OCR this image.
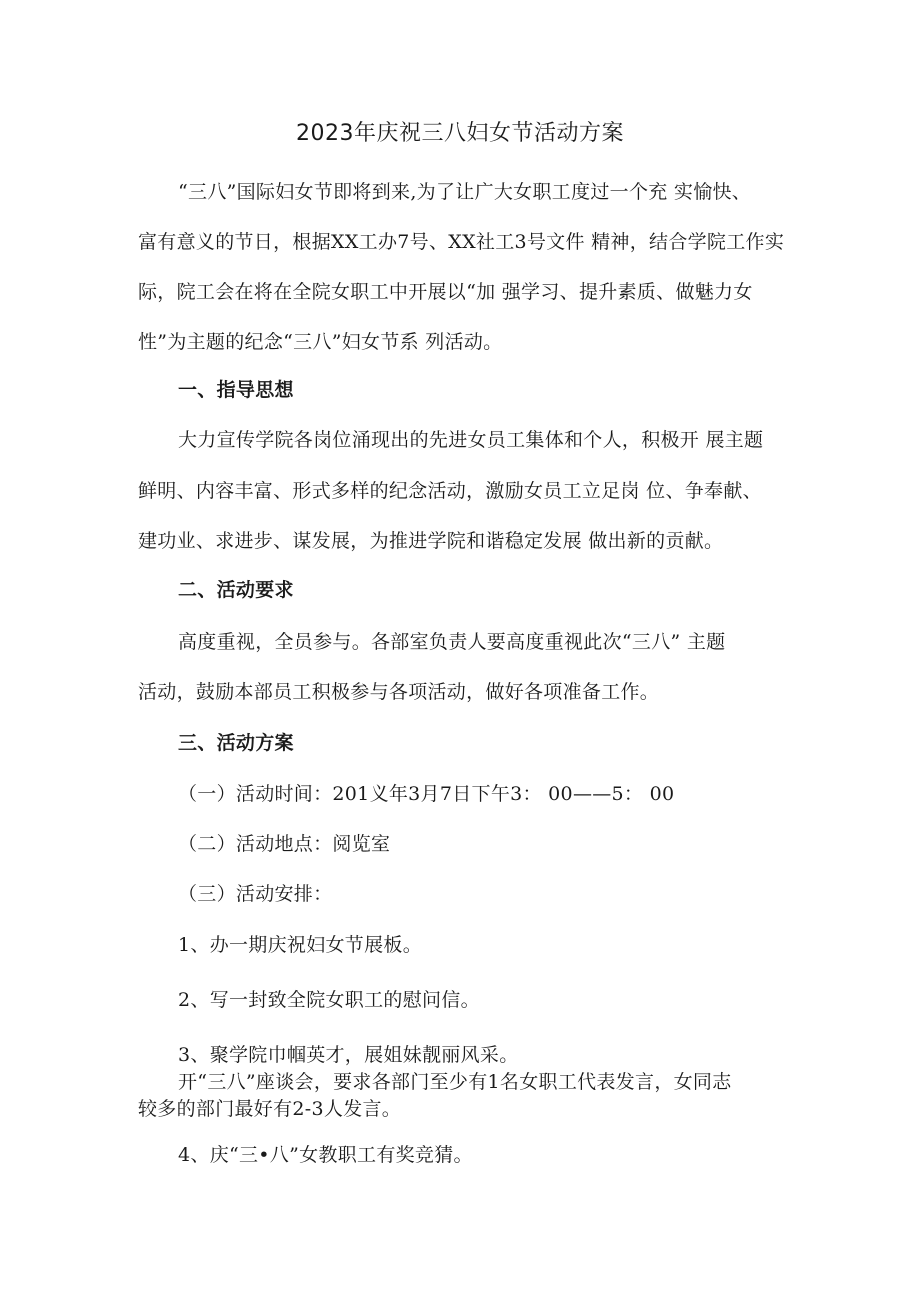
2023年庆祝三八妇女节活动方案
“三八”国际妇女节即将到来,为了让广大女职工度过一个充 实愉快、
富有意义的节日，根据XX工办7号、XX社工3号文件 精神，结合学院工作实
际，院工会在将在全院女职工中开展以“加 强学习、提升素质、做魅力女
性”为主题的纪念“三八”妇女节系 列活动。
一、指导思想
大力宣传学院各岗位涌现出的先进女员工集体和个人，积极开 展主题
鲜明、内容丰富、形式多样的纪念活动，激励女员工立足岗 位、争奉献、
建功业、求进步、谋发展，为推进学院和谐稳定发展 做出新的贡献。
二、活动要求
高度重视，全员参与。各部室负责人要高度重视此次“三八” 主题
活动，鼓励本部员工积极参与各项活动，做好各项准备工作。
三、活动方案
（一）活动时间：201义年3月7日下午3： 00——5： 00
（二）活动地点：阅览室
（三）活动安排：
1、办一期庆祝妇女节展板。
2、写一封致全院女职工的慰问信。
3、聚学院巾帼英才，展姐妹靓丽风采。
开“三八”座谈会，要求各部门至少有1名女职工代表发言，女同志
较多的部门最好有2-3人发言。
4、庆“三•八”女教职工有奖竞猜。
